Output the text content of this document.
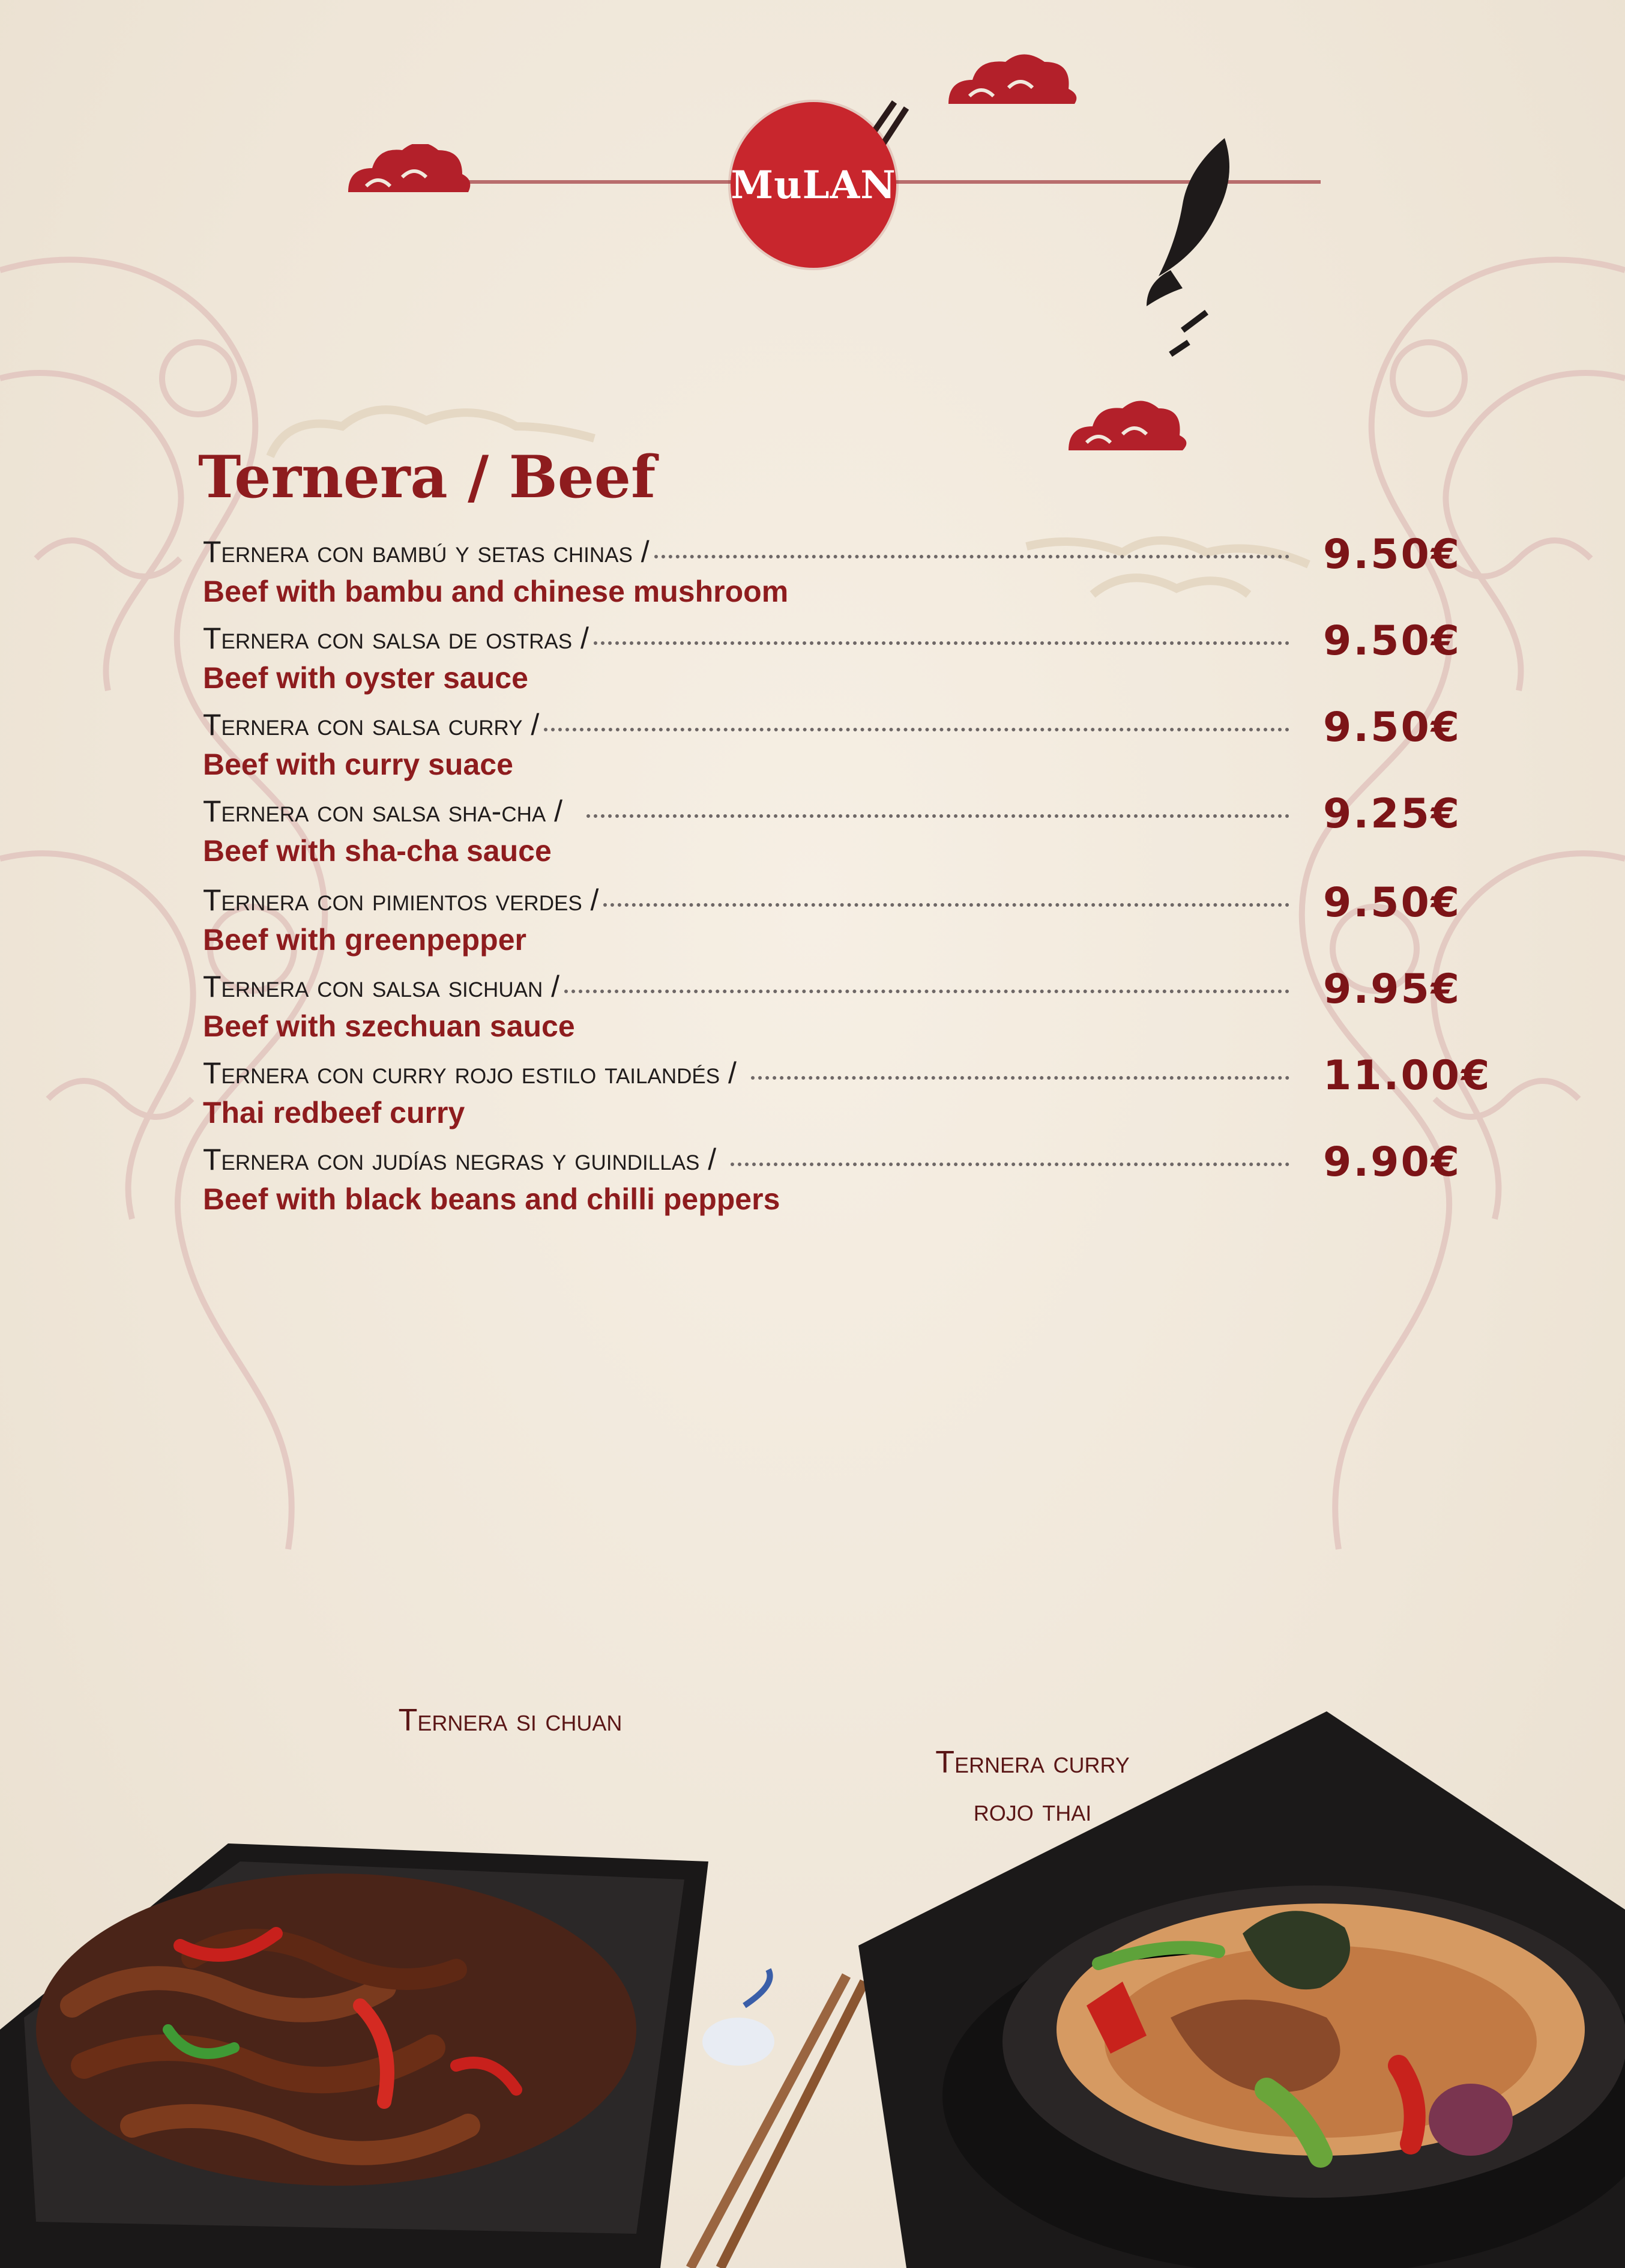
MuLAN
Ternera / Beef
Ternera con bambú y setas chinas /
Beef with bambu and chinese mushroom
9.50€
Ternera con salsa de ostras /
Beef with oyster sauce
9.50€
Ternera con salsa curry /
Beef with curry suace
9.50€
Ternera con salsa sha-cha /
Beef with sha-cha sauce
9.25€
Ternera con pimientos verdes /
Beef with greenpepper
9.50€
Ternera con salsa sichuan /
Beef with szechuan sauce
9.95€
Ternera con curry rojo estilo tailandés /
Thai redbeef curry
11.00€
Ternera con judías negras y guindillas /
Beef with black beans and chilli peppers
9.90€
Ternera si chuan
Ternera curry
rojo thai
